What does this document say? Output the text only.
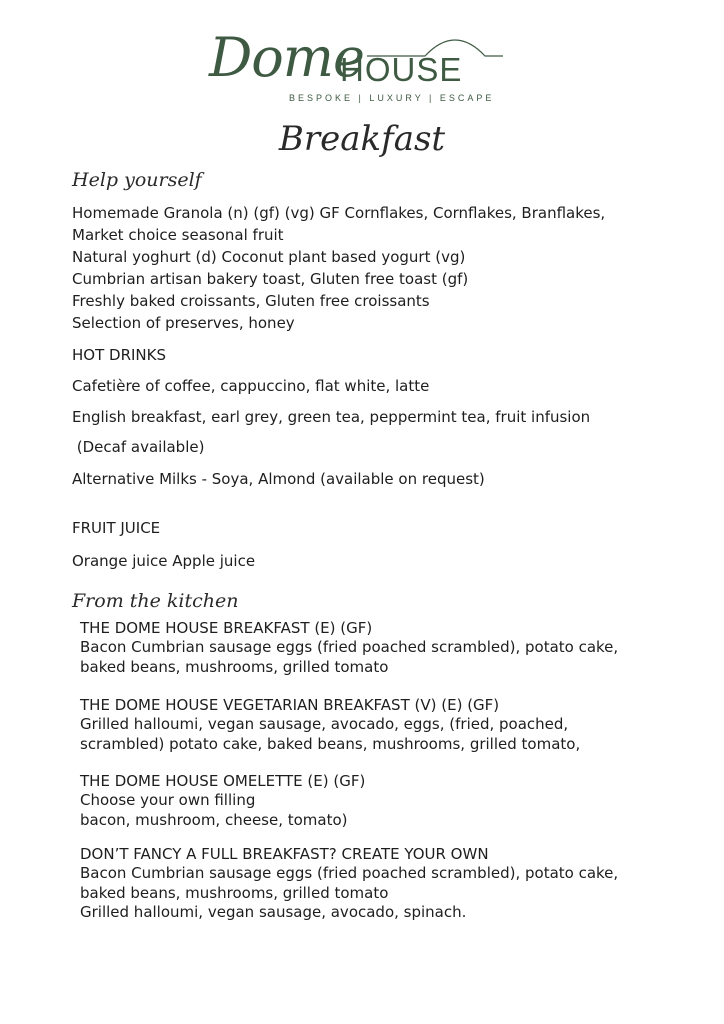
Dome
HOUSE
BESPOKE | LUXURY | ESCAPE
Breakfast
Help yourself
Homemade Granola (n) (gf) (vg) GF Cornflakes, Cornflakes, Branflakes,
Market choice seasonal fruit
Natural yoghurt (d) Coconut plant based yogurt (vg)
Cumbrian artisan bakery toast, Gluten free toast (gf)
Freshly baked croissants, Gluten free croissants
Selection of preserves, honey

HOT DRINKS

Cafetière of coffee, cappuccino, flat white, latte

English breakfast, earl grey, green tea, peppermint tea, fruit infusion

(Decaf available)

Alternative Milks - Soya, Almond (available on request)

FRUIT JUICE

Orange juice Apple juice

From the kitchen
THE DOME HOUSE BREAKFAST (E) (GF)
Bacon Cumbrian sausage eggs (fried poached scrambled), potato cake,
baked beans, mushrooms, grilled tomato
THE DOME HOUSE VEGETARIAN BREAKFAST (V) (E) (GF)
Grilled halloumi, vegan sausage, avocado, eggs, (fried, poached,
scrambled) potato cake, baked beans, mushrooms, grilled tomato,
THE DOME HOUSE OMELETTE (E) (GF)
Choose your own filling
bacon, mushroom, cheese, tomato)
DON’T FANCY A FULL BREAKFAST? CREATE YOUR OWN
Bacon Cumbrian sausage eggs (fried poached scrambled), potato cake,
baked beans, mushrooms, grilled tomato
Grilled halloumi, vegan sausage, avocado, spinach.
